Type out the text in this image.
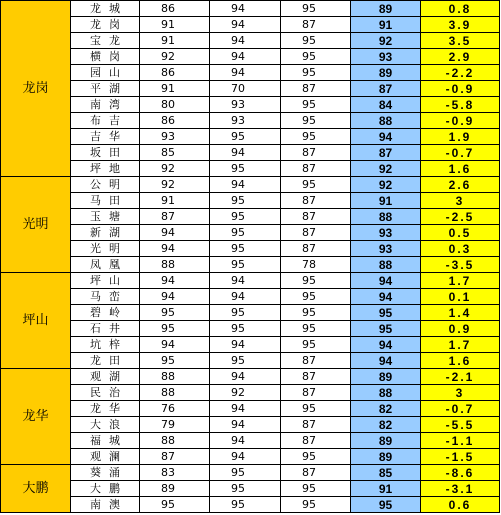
龙岗	龙城	86	94	95	89	0.8
	龙岗	91	94	87	91	3.9
	宝龙	91	94	95	92	3.5
	横岗	92	94	95	93	2.9
	园山	86	94	95	89	-2.2
	平湖	91	70	87	87	-0.9
	南湾	80	93	95	84	-5.8
	布吉	86	93	95	88	-0.9
	吉华	93	95	95	94	1.9
	坂田	85	94	87	87	-0.7
	坪地	92	95	87	92	1.6
光明	公明	92	94	95	92	2.6
	马田	91	95	87	91	3
	玉塘	87	95	87	88	-2.5
	新湖	94	95	87	93	0.5
	光明	94	95	87	93	0.3
	凤凰	88	95	78	88	-3.5
坪山	坪山	94	94	95	94	1.7
	马峦	94	94	95	94	0.1
	碧岭	95	95	95	95	1.4
	石井	95	95	95	95	0.9
	坑梓	94	94	95	94	1.7
	龙田	95	95	87	94	1.6
龙华	观湖	88	94	87	89	-2.1
	民治	88	92	87	88	3
	龙华	76	94	95	82	-0.7
	大浪	79	94	87	82	-5.5
	福城	88	94	87	89	-1.1
	观澜	87	94	95	89	-1.5
大鹏	葵涌	83	95	87	85	-8.6
	大鹏	89	95	95	91	-3.1
	南澳	95	95	95	95	0.6
